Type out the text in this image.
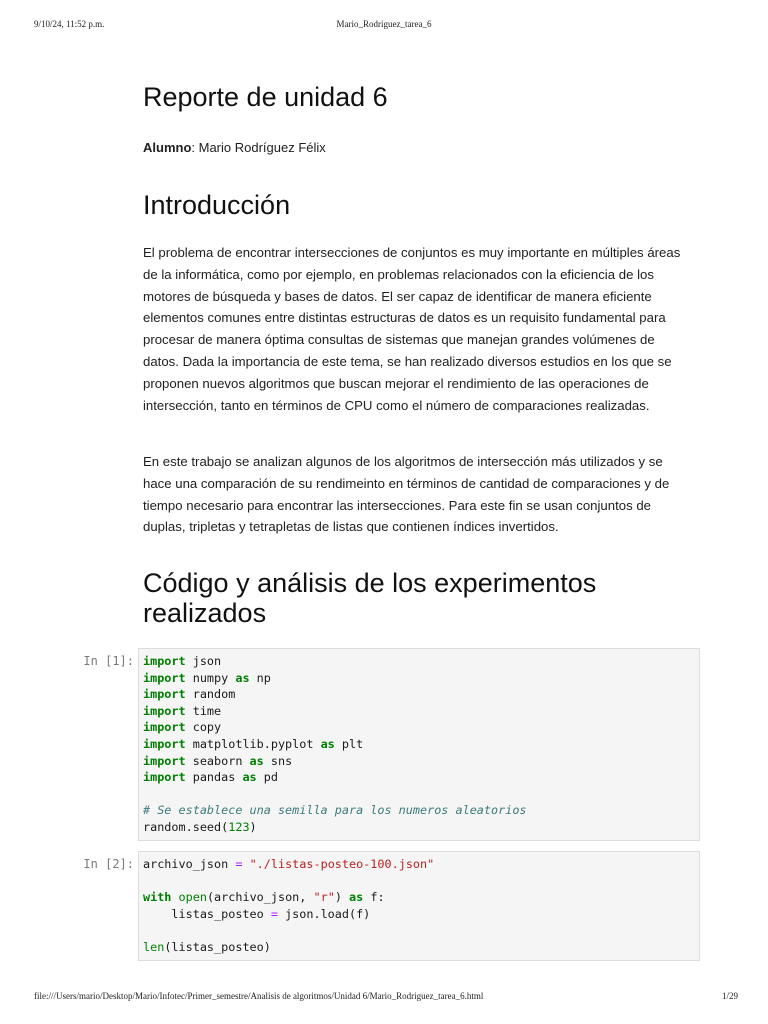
9/10/24, 11:52 p.m.	Mario_Rodriguez_tarea_6
Reporte de unidad 6
Alumno: Mario Rodríguez Félix
Introducción

El problema de encontrar intersecciones de conjuntos es muy importante en múltiples áreas de la informática, como por ejemplo, en problemas relacionados con la eficiencia de los motores de búsqueda y bases de datos. El ser capaz de identificar de manera eficiente elementos comunes entre distintas estructuras de datos es un requisito fundamental para procesar de manera óptima consultas de sistemas que manejan grandes volúmenes de datos. Dada la importancia de este tema, se han realizado diversos estudios en los que se proponen nuevos algoritmos que buscan mejorar el rendimiento de las operaciones de intersección, tanto en términos de CPU como el número de comparaciones realizadas.

En este trabajo se analizan algunos de los algoritmos de intersección más utilizados y se hace una comparación de su rendimeinto en términos de cantidad de comparaciones y de tiempo necesario para encontrar las intersecciones. Para este fin se usan conjuntos de duplas, tripletas y tetrapletas de listas que contienen índices invertidos.

Código y análisis de los experimentos realizados
In [1]: import json
import numpy as np
import random
import time
import copy
import matplotlib.pyplot as plt
import seaborn as sns
import pandas as pd

# Se establece una semilla para los numeros aleatorios
random.seed(123)
In [2]: archivo_json = "./listas-posteo-100.json"

with open(archivo_json, "r") as f:
listas_posteo = json.load(f)

len(listas_posteo)
file:///Users/mario/Desktop/Mario/Infotec/Primer_semestre/Analisis de algoritmos/Unidad 6/Mario_Rodriguez_tarea_6.html	1/29
